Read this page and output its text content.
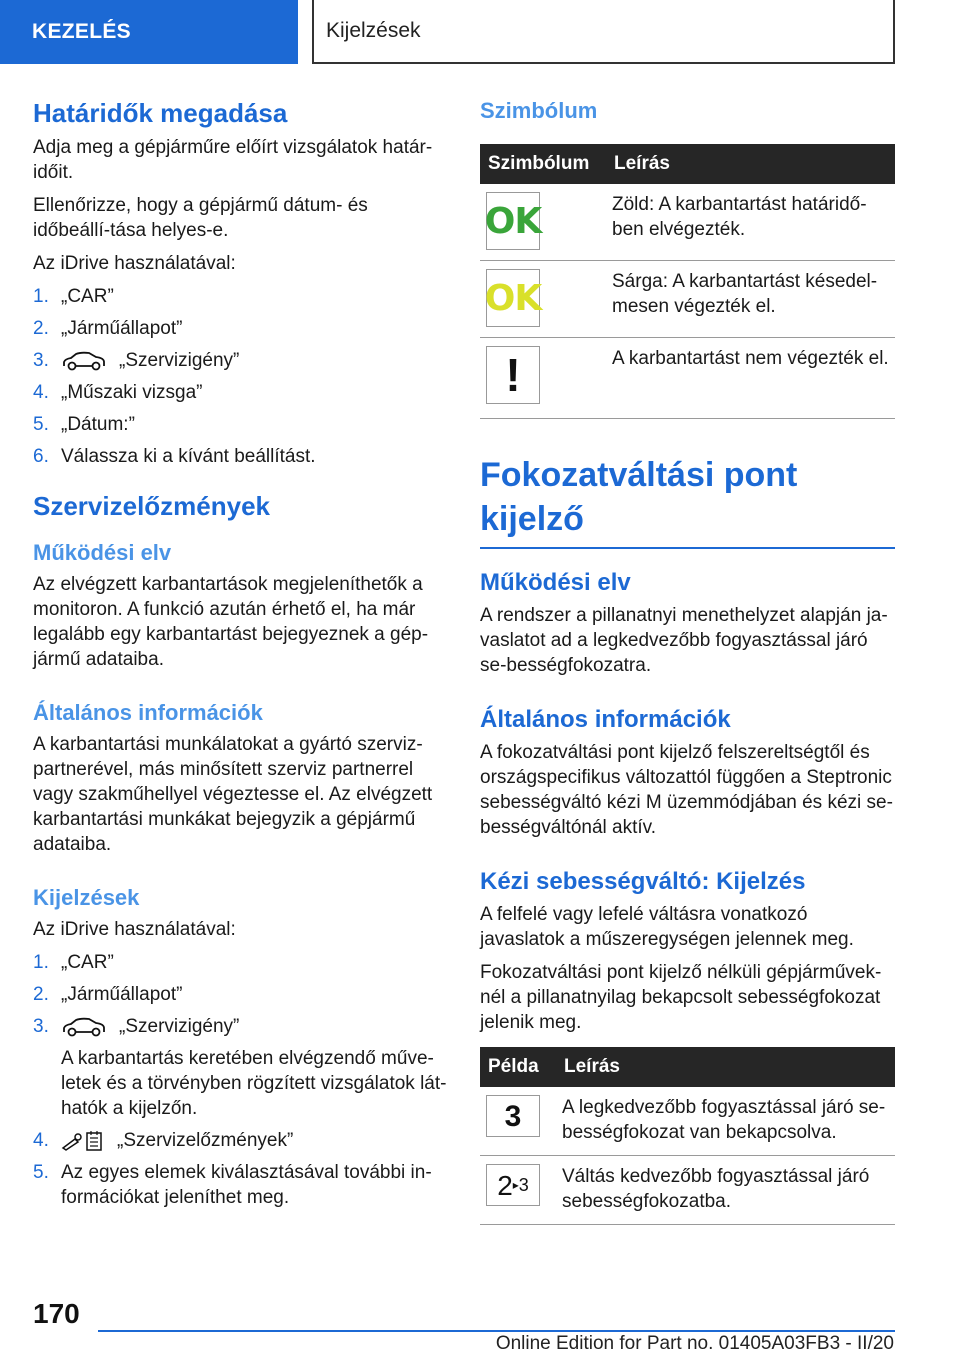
KEZELÉS	Kijelzések
Határidők megadása

Adja meg a gépjárműre előírt vizsgálatok határ-időit.

Ellenőrizze, hogy a gépjármű dátum- és időbeállí-tása helyes-e.

Az iDrive használatával:

1. „CAR”
2. „Járműállapot”
3.	„Szervizigény”
4. „Műszaki vizsga”
5. „Dátum:”
6. Válassza ki a kívánt beállítást.
Szervizelőzmények
Működési elv

Az elvégzett karbantartások megjeleníthetők a monitoron. A funkció azután érhető el, ha már legalább egy karbantartást bejegyeznek a gép-jármű adataiba.

Általános információk

A karbantartási munkálatokat a gyártó szerviz-partnerével, más minősített szerviz partnerrel vagy szakműhellyel végeztesse el. Az elvégzett karbantartási munkákat bejegyzik a gépjármű adataiba.

Kijelzések

Az iDrive használatával:

1. „CAR”
2. „Járműállapot”
3.	„Szervizigény”
A karbantartás keretében elvégzendő műve-letek és a törvényben rögzített vizsgálatok lát-hatók a kijelzőn.
4.	„Szervizelőzmények”
5. Az egyes elemek kiválasztásával további in-formációkat jeleníthet meg.
Szimbólum
Szimbólum	Leírás

OK	Zöld: A karbantartást határidő-ben elvégezték.

OK	Sárga: A karbantartást késedel-mesen végezték el.

!	A karbantartást nem végezték el.
Fokozatváltási pont kijelző
Működési elv

A rendszer a pillanatnyi menethelyzet alapján ja-vaslatot ad a legkedvezőbb fogyasztással járó se-bességfokozatra.

Általános információk

A fokozatváltási pont kijelző felszereltségtől és országspecifikus változattól függően a Steptronic sebességváltó kézi M üzemmódjában és kézi se-bességváltónál aktív.

Kézi sebességváltó: Kijelzés

A felfelé vagy lefelé váltásra vonatkozó javaslatok a műszeregységen jelennek meg.

Fokozatváltási pont kijelző nélküli gépjárművek-nél a pillanatnyilag bekapcsolt sebességfokozat jelenik meg.

Példa	Leírás

3	A legkedvezőbb fogyasztással járó se-bességfokozat van bekapcsolva.

2 ▸ 3	Váltás kedvezőbb fogyasztással járó sebességfokozatba.
170
Online Edition for Part no. 01405A03FB3 - II/20
